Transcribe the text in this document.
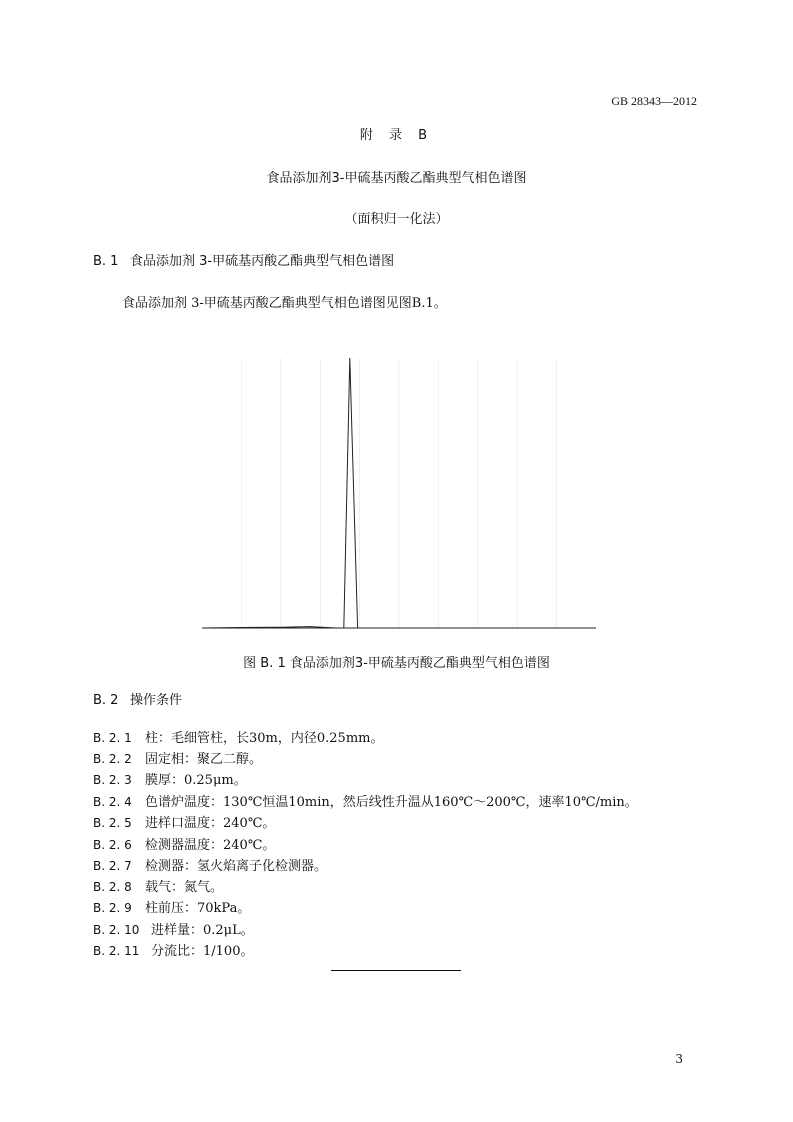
GB 28343—2012
附 录 B
食品添加剂3-甲硫基丙酸乙酯典型气相色谱图
（面积归一化法）
B. 1 食品添加剂 3-甲硫基丙酸乙酯典型气相色谱图
食品添加剂 3-甲硫基丙酸乙酯典型气相色谱图见图B.1。
图 B. 1 食品添加剂3-甲硫基丙酸乙酯典型气相色谱图
B. 2 操作条件
B. 2. 1 柱：毛细管柱，长30m，内径0.25mm。
B. 2. 2 固定相：聚乙二醇。
B. 2. 3 膜厚：0.25μm。
B. 2. 4 色谱炉温度：130℃恒温10min，然后线性升温从160℃～200℃，速率10℃/min。
B. 2. 5 进样口温度：240℃。
B. 2. 6 检测器温度：240℃。
B. 2. 7 检测器：氢火焰离子化检测器。
B. 2. 8 载气：氮气。
B. 2. 9 柱前压：70kPa。
B. 2. 10 进样量：0.2μL。
B. 2. 11 分流比：1/100。
3
